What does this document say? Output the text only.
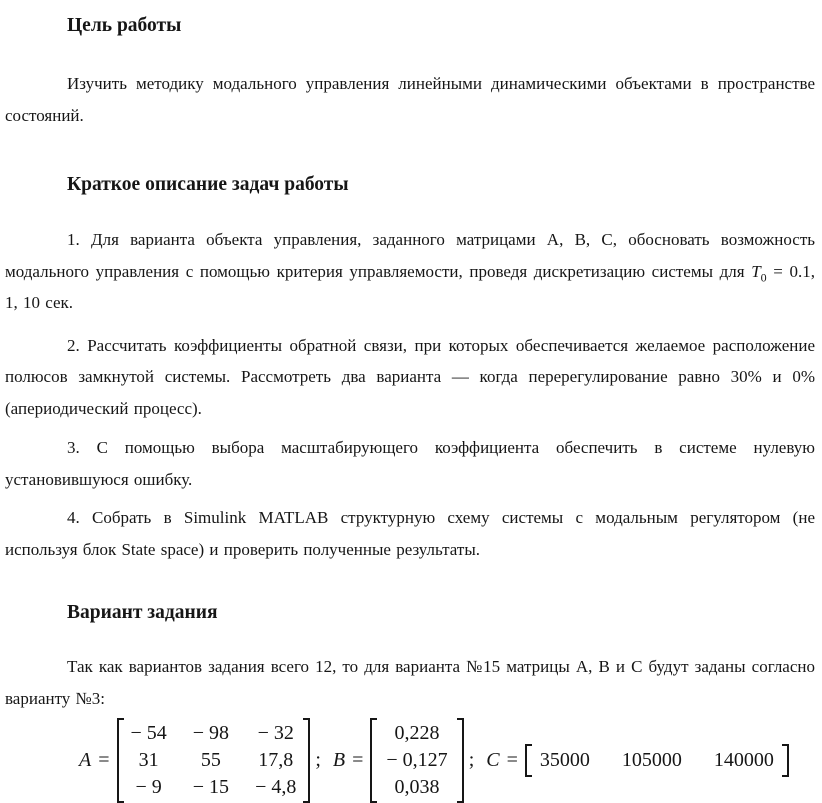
Цель работы

Изучить методику модального управления линейными динамическими объектами в пространстве состояний.

Краткое описание задач работы

1. Для варианта объекта управления, заданного матрицами А, В, С, обосновать возможность модального управления с помощью критерия управляемости, проведя дискретизацию системы для $T_0 = 0.1$, 1, 10 сек.

2. Рассчитать коэффициенты обратной связи, при которых обеспечивается желаемое расположение полюсов замкнутой системы. Рассмотреть два варианта — когда перерегулирование равно 30% и 0% (апериодический процесс).

3. С помощью выбора масштабирующего коэффициента обеспечить в системе нулевую установившуюся ошибку.

4. Собрать в Simulink MATLAB структурную схему системы с модальным регулятором (не используя блок State space) и проверить полученные результаты.

Вариант задания

Так как вариантов задания всего 12, то для варианта №15 матрицы А, В и С будут заданы согласно варианту №3:

A =
− 54 − 98 − 32
31 55 17,8
− 9 − 15 − 4,8
; B =
0,228
− 0,127
0,038
; C = 35000 105000 140000
